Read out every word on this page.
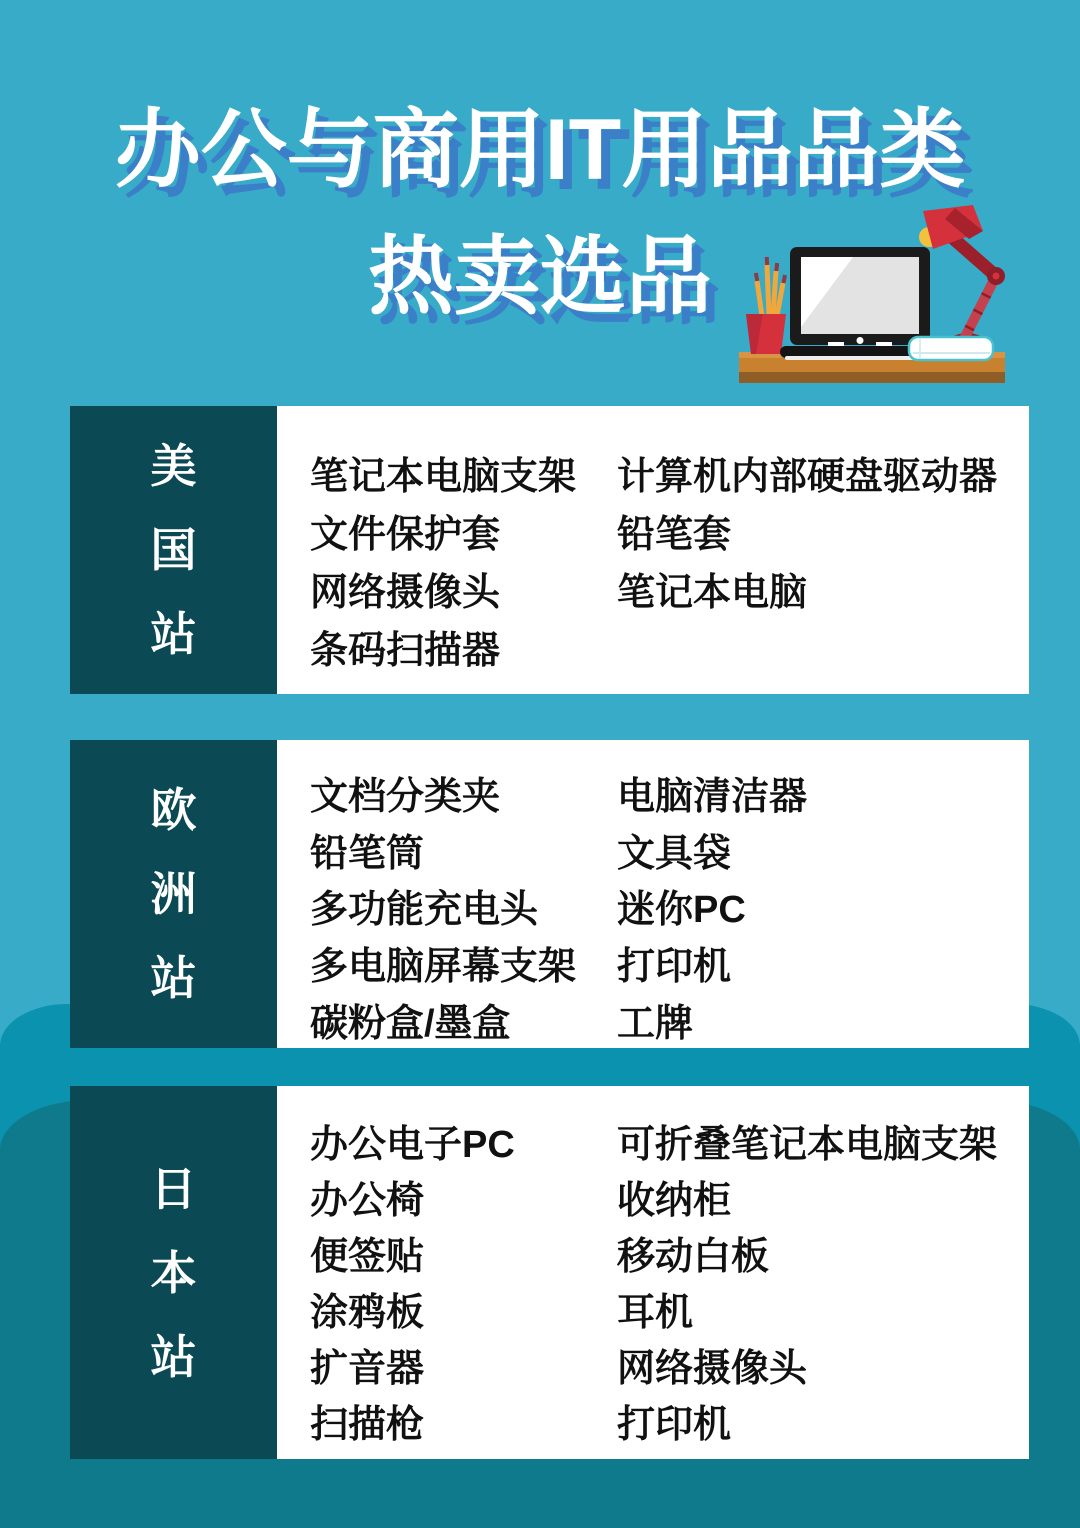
办公与商用IT用品品类
热卖选品
美
国
站
笔记本电脑支架
文件保护套
网络摄像头
条码扫描器
计算机内部硬盘驱动器
铅笔套
笔记本电脑
欧
洲
站
文档分类夹
铅笔筒
多功能充电头
多电脑屏幕支架
碳粉盒/墨盒
电脑清洁器
文具袋
迷你PC
打印机
工牌
日
本
站
办公电子PC
办公椅
便签贴
涂鸦板
扩音器
扫描枪
可折叠笔记本电脑支架
收纳柜
移动白板
耳机
网络摄像头
打印机
